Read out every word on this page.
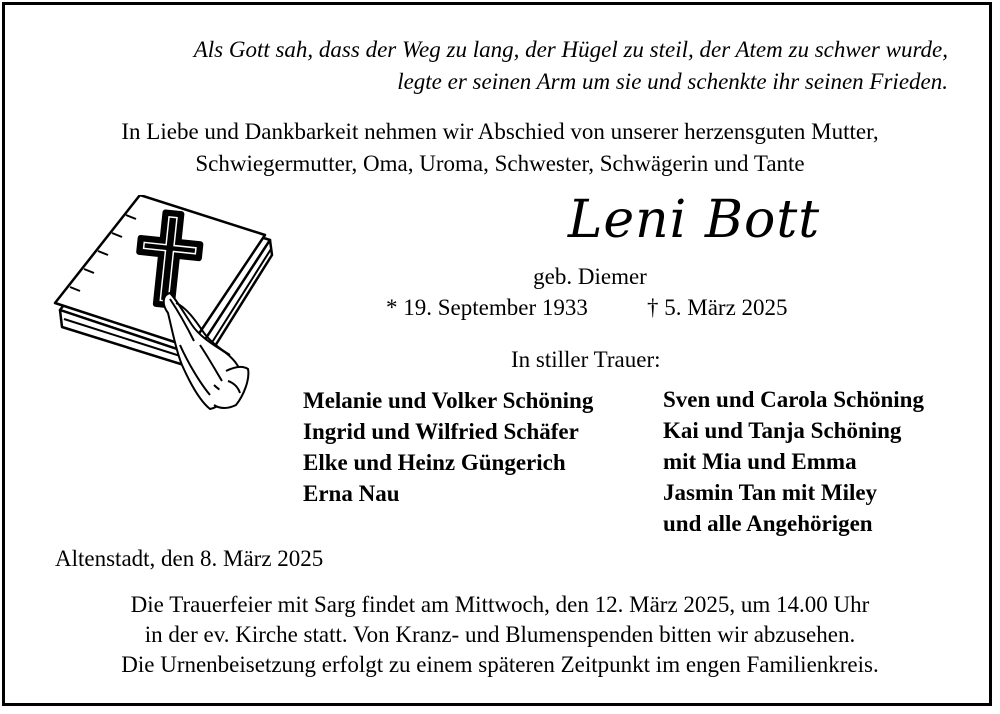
Als Gott sah, dass der Weg zu lang, der Hügel zu steil, der Atem zu schwer wurde,
legte er seinen Arm um sie und schenkte ihr seinen Frieden.
In Liebe und Dankbarkeit nehmen wir Abschied von unserer herzensguten Mutter,
Schwiegermutter, Oma, Uroma, Schwester, Schwägerin und Tante
Leni Bott
geb. Diemer
* 19. September 1933	† 5. März 2025
In stiller Trauer:
Melanie und Volker Schöning
Ingrid und Wilfried Schäfer
Elke und Heinz Güngerich
Erna Nau
Sven und Carola Schöning
Kai und Tanja Schöning
mit Mia und Emma
Jasmin Tan mit Miley
und alle Angehörigen
Altenstadt, den 8. März 2025
Die Trauerfeier mit Sarg findet am Mittwoch, den 12. März 2025, um 14.00 Uhr
in der ev. Kirche statt. Von Kranz- und Blumenspenden bitten wir abzusehen.
Die Urnenbeisetzung erfolgt zu einem späteren Zeitpunkt im engen Familienkreis.
